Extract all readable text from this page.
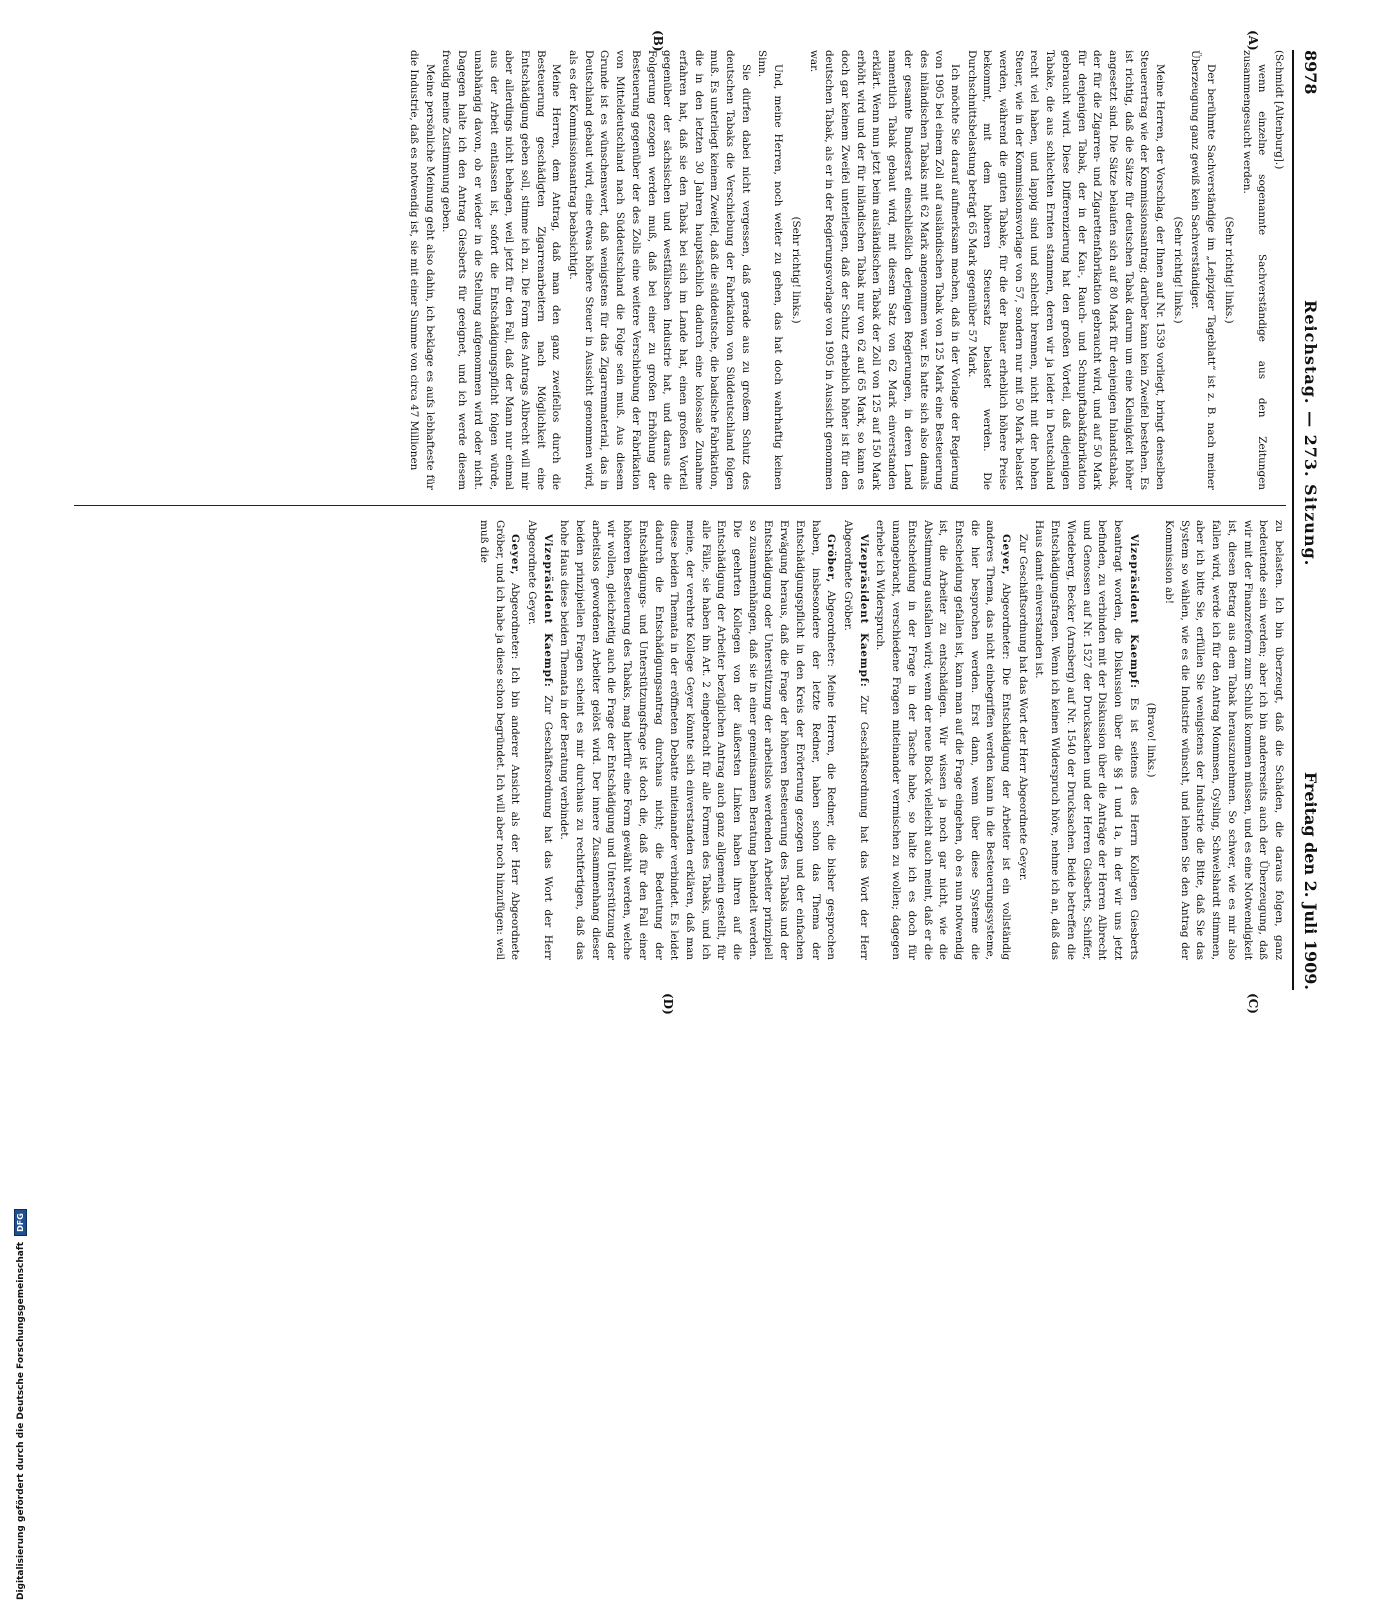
8978
Reichstag. — 273. Sitzung.
Freitag den 2. Juli 1909.
(A)
(B)
(C)
(D)

(Schmidt [Altenburg].)

wenn einzelne sogenannte Sachverständige aus den Zeitungen zusammengesucht werden.

(Sehr richtig! links.)

Der berühmte Sachverständige im „Leipziger Tageblatt“ ist z. B. nach meiner Überzeugung ganz gewiß kein Sachverständiger.

(Sehr richtig! links.)

Meine Herren, der Vorschlag, der Ihnen auf Nr. 1539 vorliegt, bringt denselben Steuerertrag wie der Kommissionsantrag; darüber kann kein Zweifel bestehen. Es ist richtig, daß die Sätze für deutschen Tabak darum um eine Kleinigkeit höher angesetzt sind. Die Sätze belaufen sich auf 80 Mark für denjenigen Inlandstabak, der für die Zigarren- und Zigarettenfabrikation gebraucht wird, und auf 50 Mark für denjenigen Tabak, der in der Kau-, Rauch- und Schnupftabakfabrikation gebraucht wird. Diese Differenzierung hat den großen Vorteil, daß diejenigen Tabake, die aus schlechten Ernten stammen, deren wir ja leider in Deutschland recht viel haben, und lappig sind und schlecht brennen, nicht mit der hohen Steuer, wie in der Kommissionsvorlage von 57, sondern nur mit 50 Mark belastet werden, während die guten Tabake, für die der Bauer erheblich höhere Preise bekommt, mit dem höheren Steuersatz belastet werden. Die Durchschnittsbelastung beträgt 65 Mark gegenüber 57 Mark.

Ich möchte Sie darauf aufmerksam machen, daß in der Vorlage der Regierung von 1905 bei einem Zoll auf ausländischen Tabak von 125 Mark eine Besteuerung des inländischen Tabaks mit 62 Mark angenommen war. Es hatte sich also damals der gesamte Bundesrat einschließlich derjenigen Regierungen, in deren Land namentlich Tabak gebaut wird, mit diesem Satz von 62 Mark einverstanden erklärt. Wenn nun jetzt beim ausländischen Tabak der Zoll von 125 auf 150 Mark erhöht wird und der für inländischen Tabak nur von 62 auf 65 Mark, so kann es doch gar keinem Zweifel unterliegen, daß der Schutz erheblich höher ist für den deutschen Tabak, als er in der Regierungsvorlage von 1905 in Aussicht genommen war.

(Sehr richtig! links.)

Und, meine Herren, noch weiter zu gehen, das hat doch wahrhaftig keinen Sinn.

Sie dürfen dabei nicht vergessen, daß gerade aus zu großem Schutz des deutschen Tabaks die Verschiebung der Fabrikation von Süddeutschland folgen muß. Es unterliegt keinem Zweifel, daß die süddeutsche, die badische Fabrikation, die in den letzten 30 Jahren hauptsächlich dadurch eine kolossale Zunahme erfahren hat, daß sie den Tabak bei sich im Lande hat, einen großen Vorteil gegenüber der sächsischen und westfälischen Industrie hat, und daraus die Folgerung gezogen werden muß, daß bei einer zu großen Erhöhung der Besteuerung gegenüber der des Zolls eine weitere Verschiebung der Fabrikation von Mitteldeutschland nach Süddeutschland die Folge sein muß. Aus diesem Grunde ist es wünschenswert, daß wenigstens für das Zigarrenmaterial, das in Deutschland gebaut wird, eine etwas höhere Steuer in Aussicht genommen wird, als es der Kommissionsantrag beabsichtigt.

Meine Herren, dem Antrag, daß man den ganz zweifellos durch die Besteuerung geschädigten Zigarrenarbeitern nach Möglichkeit eine Entschädigung geben soll, stimme ich zu. Die Form des Antrags Albrecht will mir aber allerdings nicht behagen, weil jetzt für den Fall, daß der Mann nur einmal aus der Arbeit entlassen ist, sofort die Entschädigungspflicht folgen würde, unabhängig davon, ob er wieder in die Stellung aufgenommen wird oder nicht. Dagegen halte ich den Antrag Giesberts für geeignet, und ich werde diesem freudig meine Zustimmung geben.

Meine persönliche Meinung geht also dahin, ich beklage es aufs lebhafteste für die Industrie, daß es notwendig ist, sie mit einer Summe von circa 47 Millionen

zu belasten. Ich bin überzeugt, daß die Schäden, die daraus folgen, ganz bedeutende sein werden; aber ich bin andererseits auch der Überzeugung, daß wir mit der Finanzreform zum Schluß kommen müssen, und es eine Notwendigkeit ist, diesen Betrag aus dem Tabak herauszunehmen. So schwer, wie es mir also fallen wird, werde ich für den Antrag Mommsen, Gysling, Schwelshardt stimmen, aber ich bitte Sie, erfüllen Sie wenigstens der Industrie die Bitte, daß Sie das System so wählen, wie es die Industrie wünscht, und lehnen Sie den Antrag der Kommission ab!

(Bravo! links.)

Vizepräsident Kaempf: Es ist seitens des Herrn Kollegen Giesberts beantragt worden, die Diskussion über die §§ 1 und 1a, in der wir uns jetzt befinden, zu verbinden mit der Diskussion über die Anträge der Herren Albrecht und Genossen auf Nr. 1527 der Drucksachen und der Herren Giesberts, Schiffer, Wiedeberg, Becker (Arnsberg) auf Nr. 1540 der Drucksachen. Beide betreffen die Entschädigungsfragen. Wenn ich keinen Widerspruch höre, nehme ich an, daß das Haus damit einverstanden ist.

Zur Geschäftsordnung hat das Wort der Herr Abgeordnete Geyer.

Geyer, Abgeordneter: Die Entschädigung der Arbeiter ist ein vollständig anderes Thema, das nicht einbegriffen werden kann in die Besteuerungssysteme, die hier besprochen werden. Erst dann, wenn über diese Systeme die Entscheidung gefallen ist, kann man auf die Frage eingehen, ob es nun notwendig ist, die Arbeiter zu entschädigen. Wir wissen ja noch gar nicht, wie die Abstimmung ausfallen wird; wenn der neue Block vielleicht auch meint, daß er die Entscheidung in der Frage in der Tasche habe, so halte ich es doch für unangebracht, verschiedene Fragen miteinander vermischen zu wollen; dagegen erhebe ich Widerspruch.

Vizepräsident Kaempf: Zur Geschäftsordnung hat das Wort der Herr Abgeordnete Gröber.

Gröber, Abgeordneter: Meine Herren, die Redner, die bisher gesprochen haben, insbesondere der letzte Redner, haben schon das Thema der Entschädigungspflicht in den Kreis der Erörterung gezogen und der einfachen Erwägung heraus, daß die Frage der höheren Besteuerung des Tabaks und der Entschädigung oder Unterstützung der arbeitslos werdenden Arbeiter prinzipiell so zusammenhängen, daß sie in einer gemeinsamen Beratung behandelt werden. Die geehrten Kollegen von der äußersten Linken haben ihren auf die Entschädigung der Arbeiter bezüglichen Antrag auch ganz allgemein gestellt, für alle Fälle, sie haben ihn Art. 2 eingebracht für alle Formen des Tabaks, und ich meine, der verehrte Kollege Geyer könnte sich einverstanden erklären, daß man diese beiden Themata in der eröffneten Debatte miteinander verbindet. Es leidet dadurch die Entschädigungsantrag durchaus nicht; die Bedeutung der Entschädigungs- und Unterstützungsfrage ist doch die, daß für den Fall einer höheren Besteuerung des Tabaks, mag hierfür eine Form gewählt werden, welche wir wollen, gleichzeitig auch die Frage der Entschädigung und Unterstützung der arbeitslos gewordenen Arbeiter gelöst wird. Der innere Zusammenhang dieser beiden prinzipiellen Fragen scheint es mir durchaus zu rechtfertigen, daß das hohe Haus diese beiden Themata in der Beratung verbindet.

Vizepräsident Kaempf: Zur Geschäftsordnung hat das Wort der Herr Abgeordnete Geyer.

Geyer, Abgeordneter: Ich bin anderer Ansicht als der Herr Abgeordnete Gröber, und ich habe ja diese schon begründet. Ich will aber noch hinzufügen: weil muß die

Digitalisierung gefördert durch die Deutsche Forschungsgemeinschaft
DFG
